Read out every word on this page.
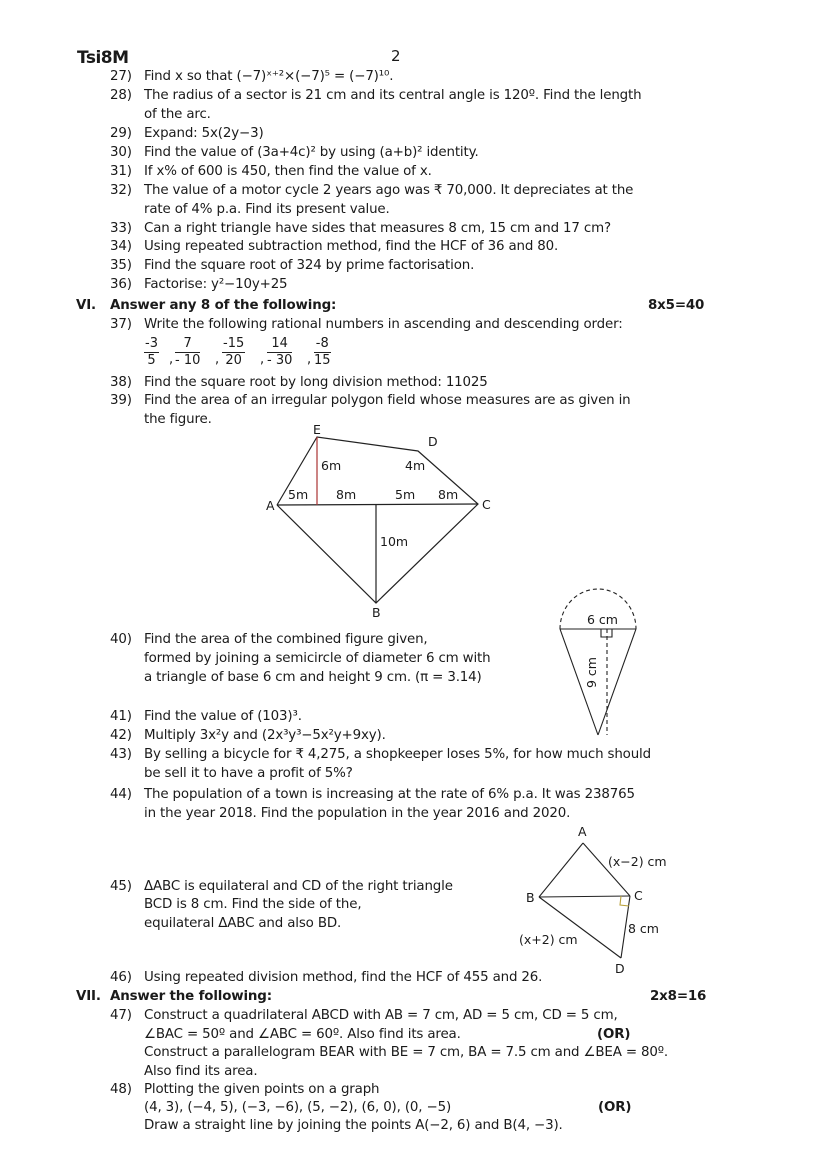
Tsi8M	2
27) Find x so that (−7)ˣ⁺²×(−7)⁵ = (−7)¹⁰.
28) The radius of a sector is 21 cm and its central angle is 120º. Find the length
of the arc.
29) Expand: 5x(2y−3)
30) Find the value of (3a+4c)² by using (a+b)² identity.
31) If x% of 600 is 450, then find the value of x.
32) The value of a motor cycle 2 years ago was ₹ 70,000. It depreciates at the
rate of 4% p.a. Find its present value.
33) Can a right triangle have sides that measures 8 cm, 15 cm and 17 cm?
34) Using repeated subtraction method, find the HCF of 36 and 80.
35) Find the square root of 324 by prime factorisation.
36) Factorise: y²−10y+25
VI. Answer any 8 of the following:	8x5=40
37) Write the following rational numbers in ascending and descending order:
$\frac{-3}{5}$ , $\frac{7}{- 10}$ , $\frac{-15}{20}$ , $\frac{14}{- 30}$ , $\frac{-8}{15}$
38) Find the square root by long division method: 11025
39) Find the area of an irregular polygon field whose measures are as given in
the figure.
40) Find the area of the combined figure given,
formed by joining a semicircle of diameter 6 cm with
a triangle of base 6 cm and height 9 cm. (π = 3.14)
41) Find the value of (103)³.
42) Multiply 3x²y and (2x³y³−5x²y+9xy).
43) By selling a bicycle for ₹ 4,275, a shopkeeper loses 5%, for how much should
be sell it to have a profit of 5%?
44) The population of a town is increasing at the rate of 6% p.a. It was 238765
in the year 2018. Find the population in the year 2016 and 2020.
45) ΔABC is equilateral and CD of the right triangle
BCD is 8 cm. Find the side of the,
equilateral ΔABC and also BD.
46) Using repeated division method, find the HCF of 455 and 26.
VII. Answer the following:	2x8=16
47) Construct a quadrilateral ABCD with AB = 7 cm, AD = 5 cm, CD = 5 cm,
∠BAC = 50º and ∠ABC = 60º. Also find its area.	(OR)
Construct a parallelogram BEAR with BE = 7 cm, BA = 7.5 cm and ∠BEA = 80º.
Also find its area.
48) Plotting the given points on a graph
(4, 3), (−4, 5), (−3, −6), (5, −2), (6, 0), (0, −5)	(OR)
Draw a straight line by joining the points A(−2, 6) and B(4, −3).
A
B
C
D
E
6m	4m
5m 8m	5m 8m
10m
6 cm
9 cm
A
B	C
D
(x−2) cm
(x+2) cm
8 cm
